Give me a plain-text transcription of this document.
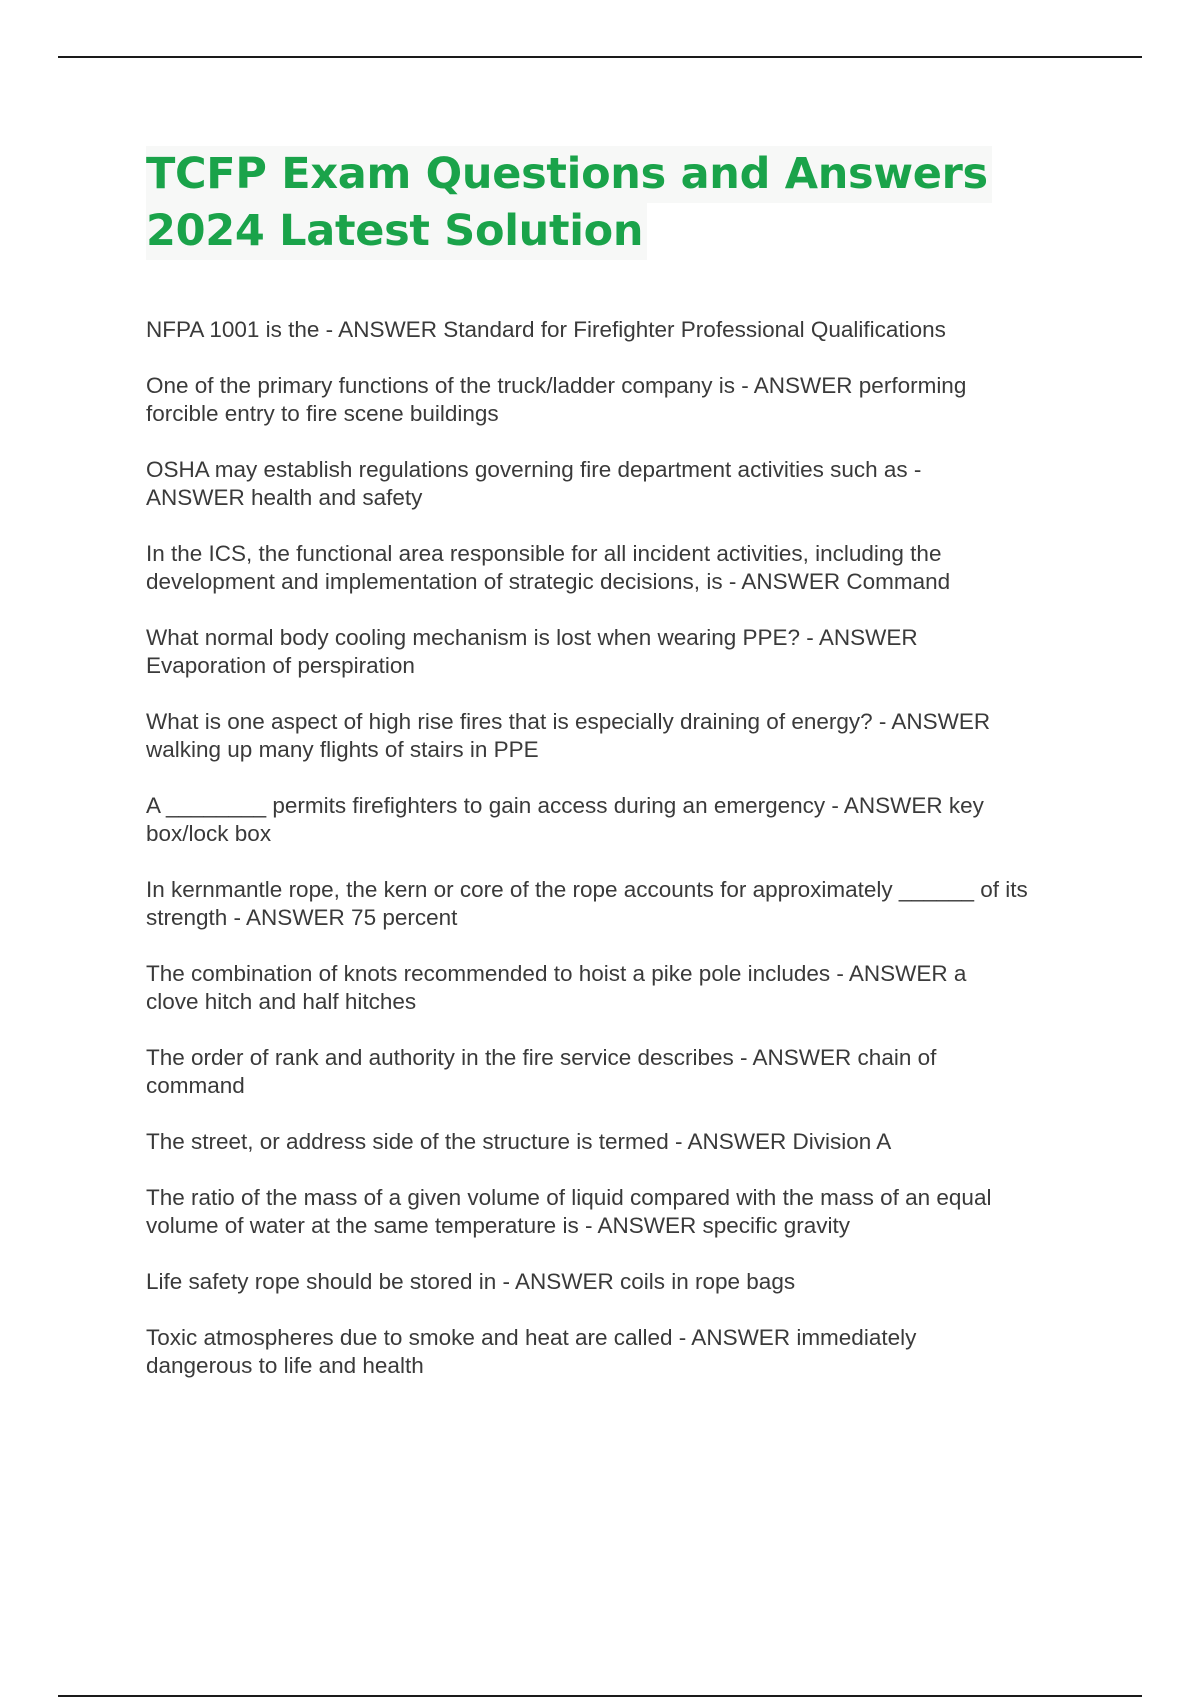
TCFP Exam Questions and Answers
2024 Latest Solution

NFPA 1001 is the - ANSWER Standard for Firefighter Professional Qualifications

One of the primary functions of the truck/ladder company is - ANSWER performing
forcible entry to fire scene buildings

OSHA may establish regulations governing fire department activities such as -
ANSWER health and safety

In the ICS, the functional area responsible for all incident activities, including the
development and implementation of strategic decisions, is - ANSWER Command

What normal body cooling mechanism is lost when wearing PPE? - ANSWER
Evaporation of perspiration

What is one aspect of high rise fires that is especially draining of energy? - ANSWER
walking up many flights of stairs in PPE

A ________ permits firefighters to gain access during an emergency - ANSWER key
box/lock box

In kernmantle rope, the kern or core of the rope accounts for approximately ______ of its
strength - ANSWER 75 percent

The combination of knots recommended to hoist a pike pole includes - ANSWER a
clove hitch and half hitches

The order of rank and authority in the fire service describes - ANSWER chain of
command

The street, or address side of the structure is termed - ANSWER Division A

The ratio of the mass of a given volume of liquid compared with the mass of an equal
volume of water at the same temperature is - ANSWER specific gravity

Life safety rope should be stored in - ANSWER coils in rope bags

Toxic atmospheres due to smoke and heat are called - ANSWER immediately
dangerous to life and health
